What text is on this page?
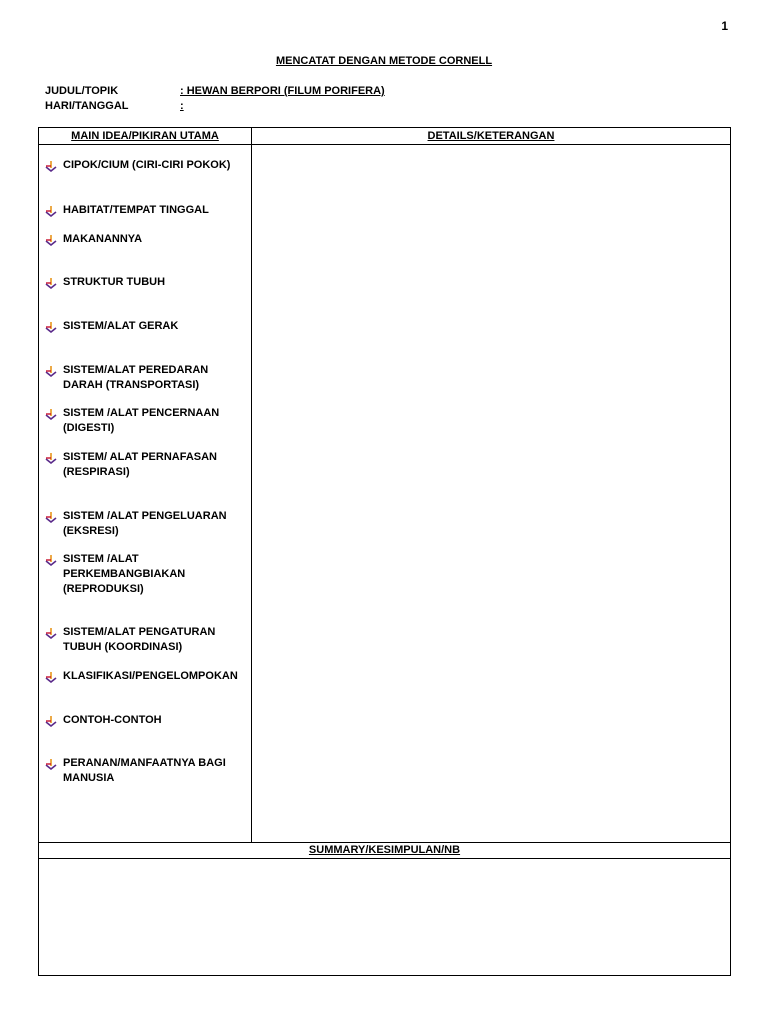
1
MENCATAT DENGAN METODE CORNELL
JUDUL/TOPIK	: HEWAN BERPORI (FILUM PORIFERA)
HARI/TANGGAL	:
MAIN IDEA/PIKIRAN UTAMA	DETAILS/KETERANGAN
CIPOK/CIUM (CIRI-CIRI POKOK)
HABITAT/TEMPAT TINGGAL
MAKANANNYA
STRUKTUR TUBUH
SISTEM/ALAT GERAK
SISTEM/ALAT PEREDARAN DARAH (TRANSPORTASI)
SISTEM /ALAT PENCERNAAN (DIGESTI)
SISTEM/ ALAT PERNAFASAN (RESPIRASI)
SISTEM /ALAT PENGELUARAN (EKSRESI)
SISTEM /ALAT PERKEMBANGBIAKAN (REPRODUKSI)
SISTEM/ALAT PENGATURAN TUBUH (KOORDINASI)
KLASIFIKASI/PENGELOMPOKAN
CONTOH-CONTOH
PERANAN/MANFAATNYA BAGI MANUSIA
SUMMARY/KESIMPULAN/NB
